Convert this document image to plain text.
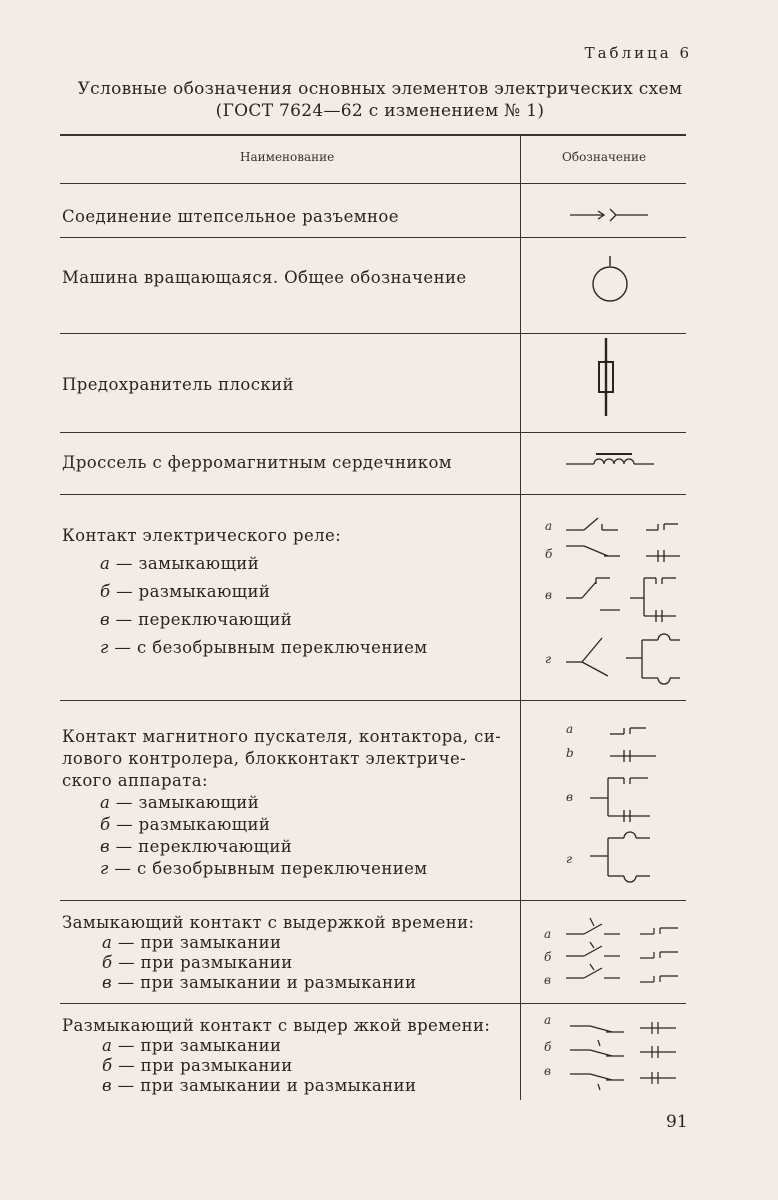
Таблица 6
Условные обозначения основных элементов электрических схем
(ГОСТ 7624—62 с изменением № 1)
Наименование	Обозначение
Соединение штепсельное разъемное
Машина вращающаяся. Общее обозначение
Предохранитель плоский
Дроссель с ферромагнитным сердечником
Контакт электрического реле:
а — замыкающий
б — размыкающий
в — переключающий
г — с безобрывным переключением
а
б
в
г
Контакт магнитного пускателя, контактора, си-
лового контролера, блокконтакт электриче-
ского аппарата:
а — замыкающий
б — размыкающий
в — переключающий
г — с безобрывным переключением
а
b
в
г
Замыкающий контакт с выдержкой времени:
а — при замыкании
б — при размыкании
в — при замыкании и размыкании
а
б
в
Размыкающий контакт с выдер жкой времени:
а — при замыкании
б — при размыкании
в — при замыкании и размыкании
а
б
в
91
